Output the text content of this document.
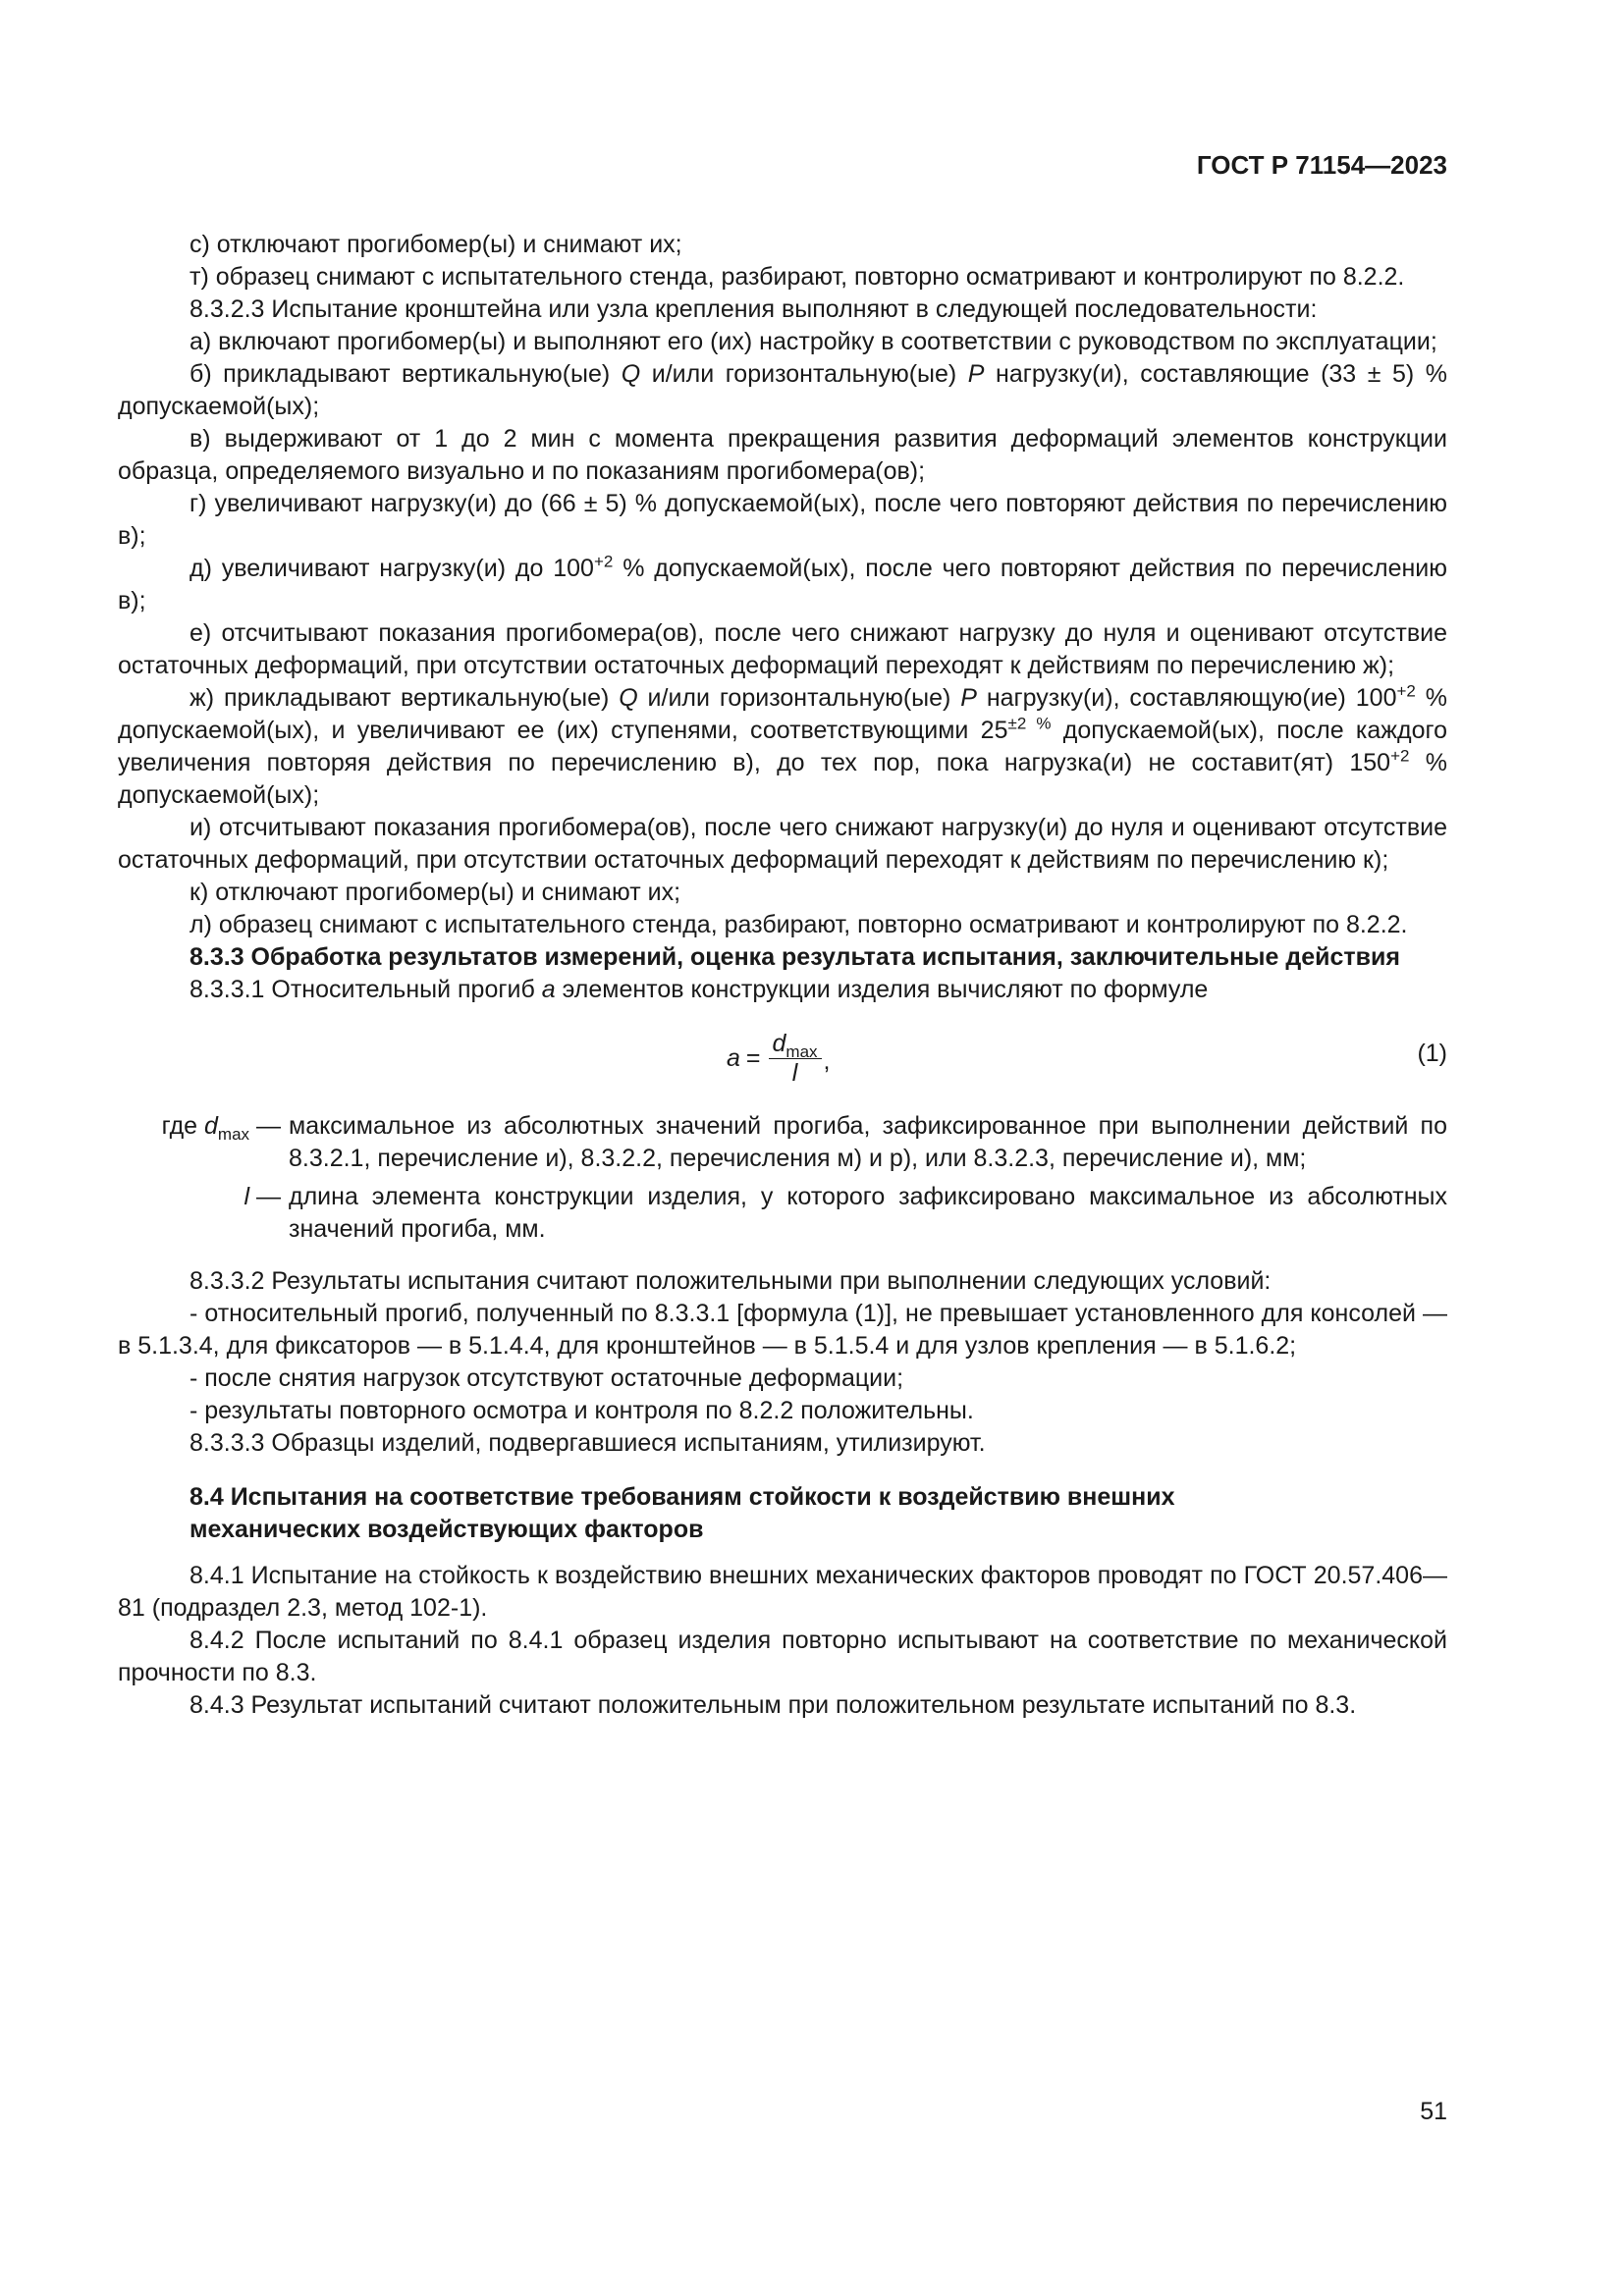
ГОСТ Р 71154—2023

с) отключают прогибомер(ы) и снимают их;

т) образец снимают с испытательного стенда, разбирают, повторно осматривают и контролируют по 8.2.2.

8.3.2.3 Испытание кронштейна или узла крепления выполняют в следующей последовательности:

а) включают прогибомер(ы) и выполняют его (их) настройку в соответствии с руководством по эксплуатации;

б) прикладывают вертикальную(ые) Q и/или горизонтальную(ые) P нагрузку(и), составляющие (33 ± 5) % допускаемой(ых);

в) выдерживают от 1 до 2 мин с момента прекращения развития деформаций элементов конструкции образца, определяемого визуально и по показаниям прогибомера(ов);

г) увеличивают нагрузку(и) до (66 ± 5) % допускаемой(ых), после чего повторяют действия по перечислению в);

д) увеличивают нагрузку(и) до $100^{+2}$ % допускаемой(ых), после чего повторяют действия по перечислению в);

е) отсчитывают показания прогибомера(ов), после чего снижают нагрузку до нуля и оценивают отсутствие остаточных деформаций, при отсутствии остаточных деформаций переходят к действиям по перечислению ж);

ж) прикладывают вертикальную(ые) Q и/или горизонтальную(ые) P нагрузку(и), составляющую(ие) $100^{+2}$ % допускаемой(ых), и увеличивают ее (их) ступенями, соответствующими $25^{\pm 2 \%}$ допускаемой(ых), после каждого увеличения повторяя действия по перечислению в), до тех пор, пока нагрузка(и) не составит(ят) $150^{+2}$ % допускаемой(ых);

и) отсчитывают показания прогибомера(ов), после чего снижают нагрузку(и) до нуля и оценивают отсутствие остаточных деформаций, при отсутствии остаточных деформаций переходят к действиям по перечислению к);

к) отключают прогибомер(ы) и снимают их;

л) образец снимают с испытательного стенда, разбирают, повторно осматривают и контролируют по 8.2.2.

8.3.3 Обработка результатов измерений, оценка результата испытания, заключительные действия

8.3.3.1 Относительный прогиб a элементов конструкции изделия вычисляют по формуле

$a = \frac{d_{max}}{l}$ ,	(1)
где $d_{max}$ — максимальное из абсолютных значений прогиба, зафиксированное при выполнении действий по 8.3.2.1, перечисление и), 8.3.2.2, перечисления м) и р), или 8.3.2.3, перечисление и), мм;
l — длина элемента конструкции изделия, у которого зафиксировано максимальное из абсолютных значений прогиба, мм.

8.3.3.2 Результаты испытания считают положительными при выполнении следующих условий:

- относительный прогиб, полученный по 8.3.3.1 [формула (1)], не превышает установленного для консолей — в 5.1.3.4, для фиксаторов — в 5.1.4.4, для кронштейнов — в 5.1.5.4 и для узлов крепления — в 5.1.6.2;

- после снятия нагрузок отсутствуют остаточные деформации;

- результаты повторного осмотра и контроля по 8.2.2 положительны.

8.3.3.3 Образцы изделий, подвергавшиеся испытаниям, утилизируют.

8.4 Испытания на соответствие требованиям стойкости к воздействию внешних
механических воздействующих факторов

8.4.1 Испытание на стойкость к воздействию внешних механических факторов проводят по ГОСТ 20.57.406—81 (подраздел 2.3, метод 102-1).

8.4.2 После испытаний по 8.4.1 образец изделия повторно испытывают на соответствие по механической прочности по 8.3.

8.4.3 Результат испытаний считают положительным при положительном результате испытаний по 8.3.

51
